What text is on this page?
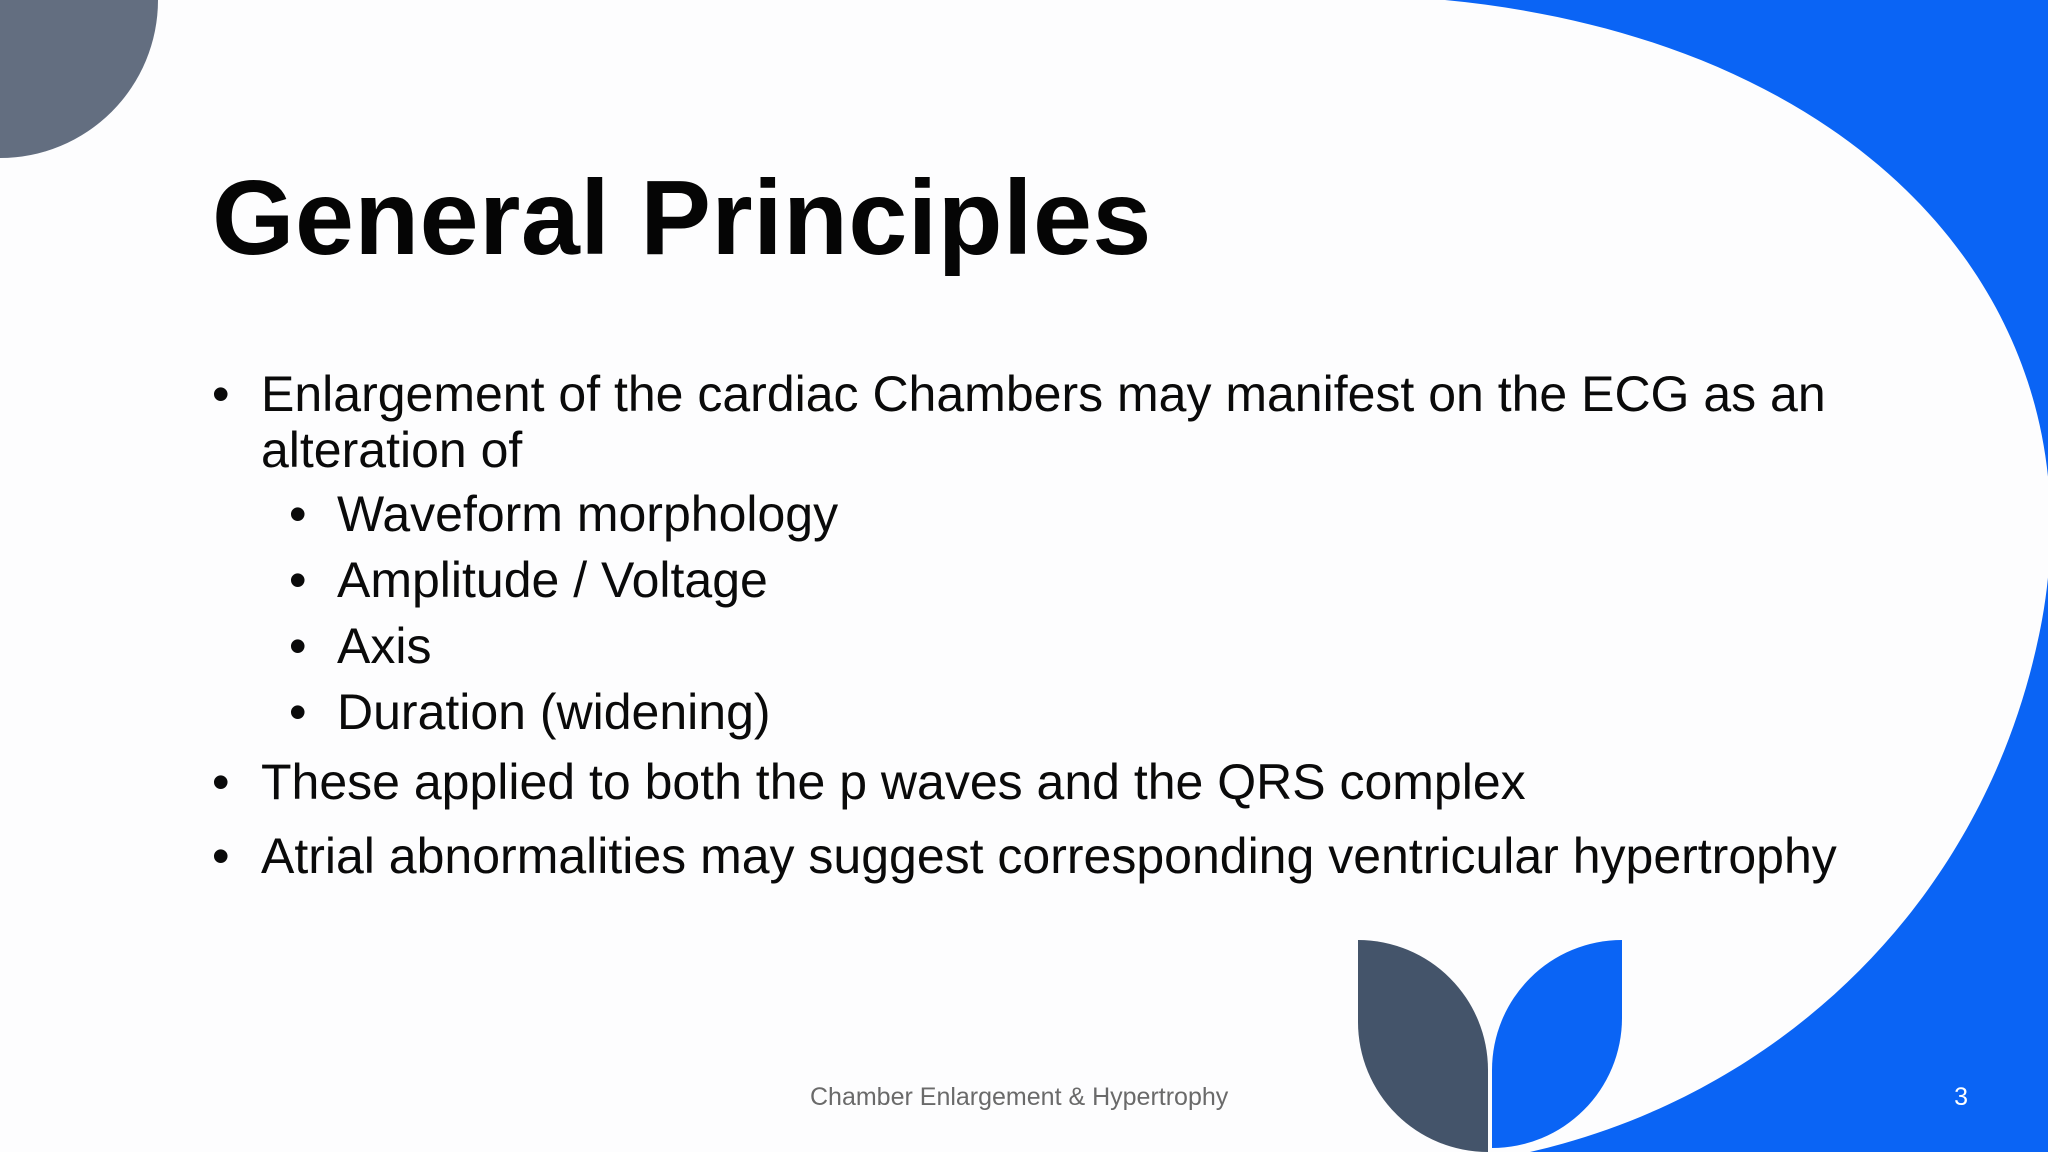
General Principles
• Enlargement of the cardiac Chambers may manifest on the ECG as an alteration of
• Waveform morphology
• Amplitude / Voltage
• Axis
• Duration (widening)
• These applied to both the p waves and the QRS complex
• Atrial abnormalities may suggest corresponding ventricular hypertrophy
Chamber Enlargement & Hypertrophy	3
